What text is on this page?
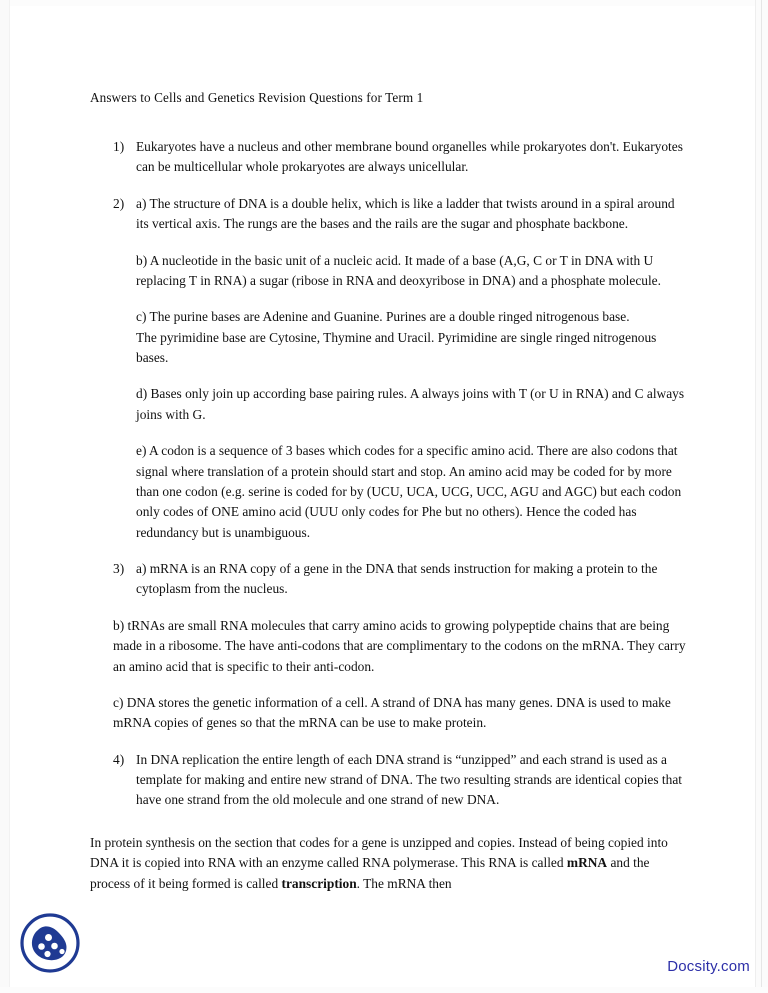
Answers to Cells and Genetics Revision Questions for Term 1
1) Eukaryotes have a nucleus and other membrane bound organelles while prokaryotes don't. Eukaryotes can be multicellular whole prokaryotes are always unicellular.
2) a) The structure of DNA is a double helix, which is like a ladder that twists around in a spiral around its vertical axis. The rungs are the bases and the rails are the sugar and phosphate backbone.
b) A nucleotide in the basic unit of a nucleic acid. It made of a base (A,G, C or T in DNA with U replacing T in RNA) a sugar (ribose in RNA and deoxyribose in DNA) and a phosphate molecule.
c) The purine bases are Adenine and Guanine. Purines are a double ringed nitrogenous base.
The pyrimidine base are Cytosine, Thymine and Uracil. Pyrimidine are single ringed nitrogenous bases.
d) Bases only join up according base pairing rules. A always joins with T (or U in RNA) and C always joins with G.
e) A codon is a sequence of 3 bases which codes for a specific amino acid. There are also codons that signal where translation of a protein should start and stop. An amino acid may be coded for by more than one codon (e.g. serine is coded for by (UCU, UCA, UCG, UCC, AGU and AGC) but each codon only codes of ONE amino acid (UUU only codes for Phe but no others). Hence the coded has redundancy but is unambiguous.
3) a) mRNA is an RNA copy of a gene in the DNA that sends instruction for making a protein to the cytoplasm from the nucleus.
b) tRNAs are small RNA molecules that carry amino acids to growing polypeptide chains that are being made in a ribosome. The have anti-codons that are complimentary to the codons on the mRNA. They carry an amino acid that is specific to their anti-codon.
c) DNA stores the genetic information of a cell. A strand of DNA has many genes. DNA is used to make mRNA copies of genes so that the mRNA can be use to make protein.
4) In DNA replication the entire length of each DNA strand is “unzipped” and each strand is used as a template for making and entire new strand of DNA. The two resulting strands are identical copies that have one strand from the old molecule and one strand of new DNA.
In protein synthesis on the section that codes for a gene is unzipped and copies. Instead of being copied into DNA it is copied into RNA with an enzyme called RNA polymerase. This RNA is called mRNA and the process of it being formed is called transcription. The mRNA then
Docsity.com
